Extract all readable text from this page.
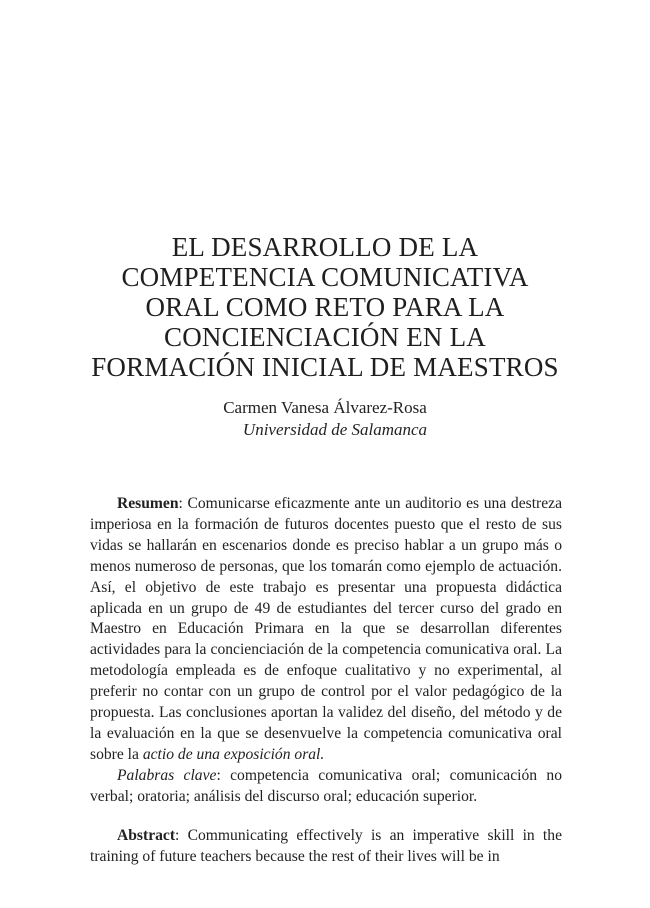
EL DESARROLLO DE LA
COMPETENCIA COMUNICATIVA
ORAL COMO RETO PARA LA
CONCIENCIACIÓN EN LA
FORMACIÓN INICIAL DE MAESTROS
Carmen Vanesa Álvarez-Rosa
Universidad de Salamanca

Resumen: Comunicarse eficazmente ante un auditorio es una destreza imperiosa en la formación de futuros docentes puesto que el resto de sus vidas se hallarán en escenarios donde es preciso hablar a un grupo más o menos numeroso de personas, que los tomarán como ejemplo de actuación. Así, el objetivo de este trabajo es presentar una propuesta didáctica aplicada en un grupo de 49 de estudiantes del tercer curso del grado en Maestro en Educación Primara en la que se desarrollan diferentes actividades para la concienciación de la competencia comunicativa oral. La metodología empleada es de enfoque cualitativo y no experimental, al preferir no contar con un grupo de control por el valor pedagógico de la propuesta. Las conclusiones aportan la validez del diseño, del método y de la evaluación en la que se desenvuelve la competencia comunicativa oral sobre la actio de una exposición oral.

Palabras clave: competencia comunicativa oral; comunicación no verbal; oratoria; análisis del discurso oral; educación superior.

Abstract: Communicating effectively is an imperative skill in the training of future teachers because the rest of their lives will be in
